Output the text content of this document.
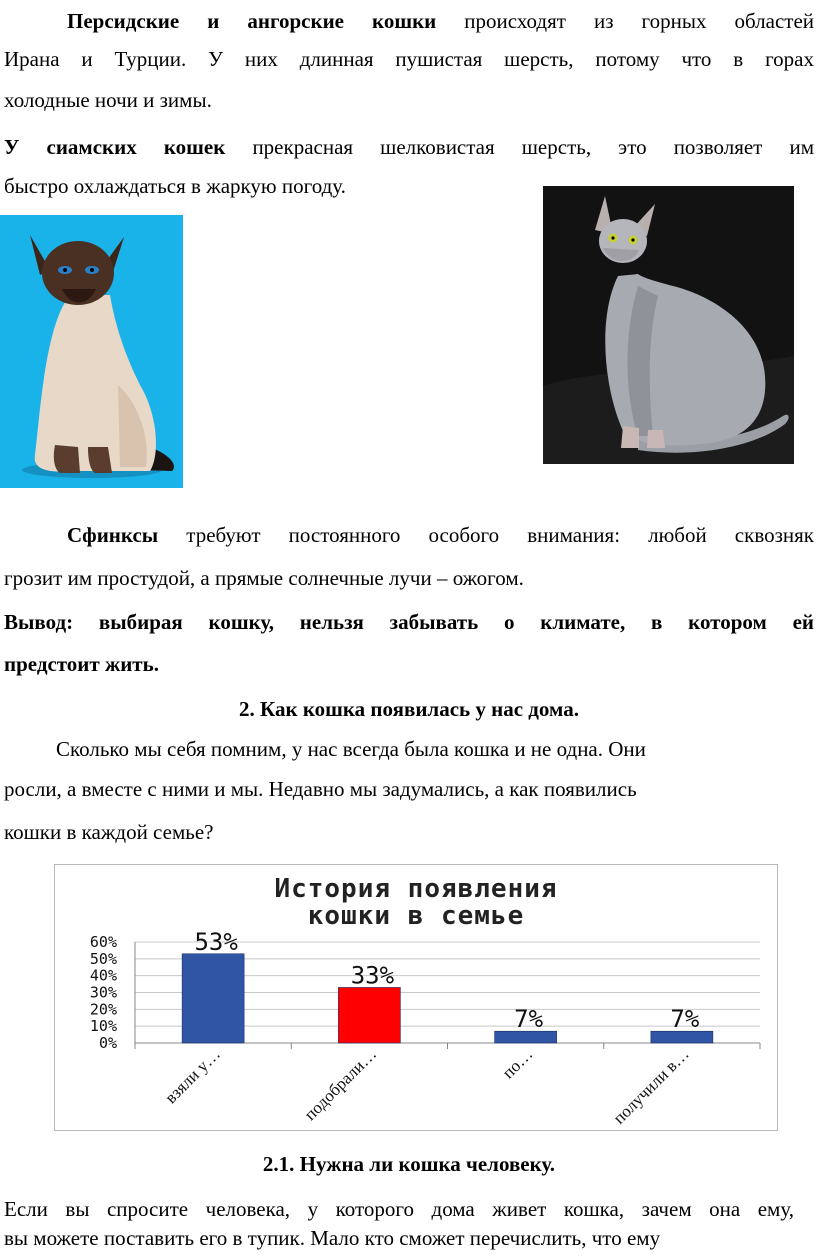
Персидские и ангорские кошки происходят из горных областей
Ирана и Турции. У них длинная пушистая шерсть, потому что в горах
холодные ночи и зимы.
У сиамских кошек прекрасная шелковистая шерсть, это позволяет им
быстро охлаждаться в жаркую погоду.
Сфинксы требуют постоянного особого внимания: любой сквозняк
грозит им простудой, а прямые солнечные лучи – ожогом.
Вывод: выбирая кошку, нельзя забывать о климате, в котором ей
предстоит жить.
2. Как кошка появилась у нас дома.
Сколько мы себя помним, у нас всегда была кошка и не одна. Они
росли, а вместе с ними и мы. Недавно мы задумались, а как появились
кошки в каждой семье?
История появления
кошки в семье
0%
10%
20%
30%
40%
50%
60%	53%
взяли у…
33%
подобрали…
7%
по…
7%
получили в…
2.1. Нужна ли кошка человеку.
Если вы спросите человека, у которого дома живет кошка, зачем она ему,
вы можете поставить его в тупик. Мало кто сможет перечислить, что ему
